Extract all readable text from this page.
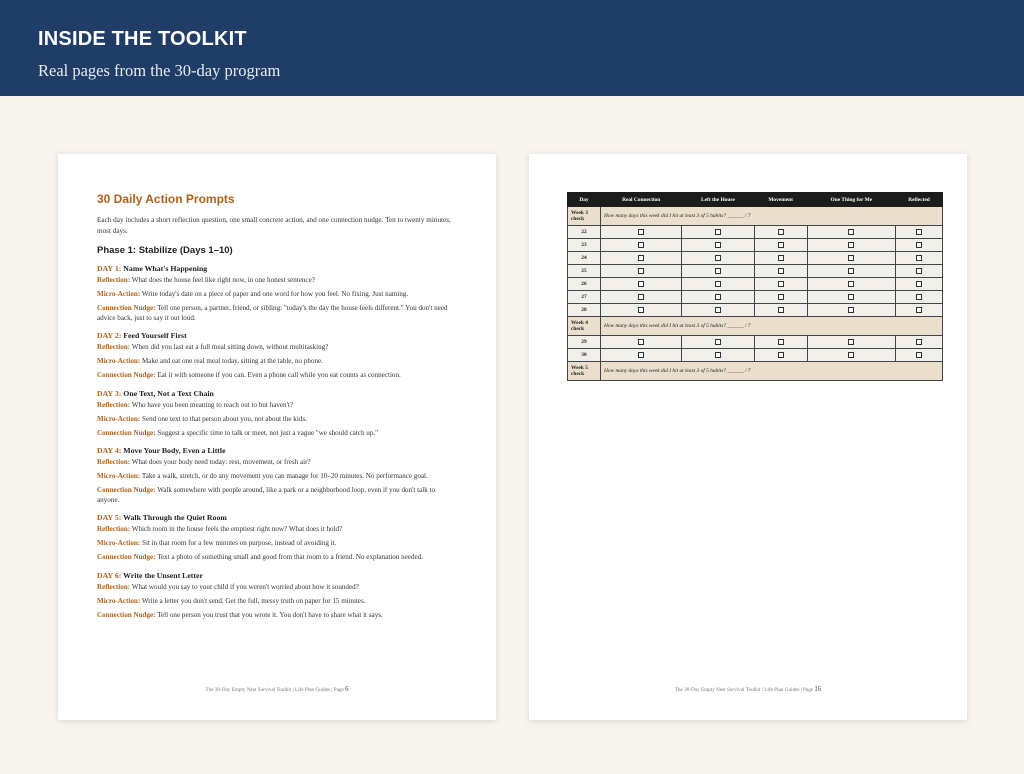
INSIDE THE TOOLKIT
Real pages from the 30-day program
30 Daily Action Prompts
Each day includes a short reflection question, one small concrete action, and one connection nudge. Ten to twenty minutes, most days.
Phase 1: Stabilize (Days 1–10)
DAY 1: Name What's Happening
Reflection: What does the house feel like right now, in one honest sentence?
Micro-Action: Write today's date on a piece of paper and one word for how you feel. No fixing. Just naming.
Connection Nudge: Tell one person, a partner, friend, or sibling: "today's the day the house feels different." You don't need advice back, just to say it out loud.
DAY 2: Feed Yourself First
Reflection: When did you last eat a full meal sitting down, without multitasking?
Micro-Action: Make and eat one real meal today, sitting at the table, no phone.
Connection Nudge: Eat it with someone if you can. Even a phone call while you eat counts as connection.
DAY 3: One Text, Not a Text Chain
Reflection: Who have you been meaning to reach out to but haven't?
Micro-Action: Send one text to that person about you, not about the kids.
Connection Nudge: Suggest a specific time to talk or meet, not just a vague "we should catch up."
DAY 4: Move Your Body, Even a Little
Reflection: What does your body need today: rest, movement, or fresh air?
Micro-Action: Take a walk, stretch, or do any movement you can manage for 10–20 minutes. No performance goal.
Connection Nudge: Walk somewhere with people around, like a park or a neighborhood loop, even if you don't talk to anyone.
DAY 5: Walk Through the Quiet Room
Reflection: Which room in the house feels the emptiest right now? What does it hold?
Micro-Action: Sit in that room for a few minutes on purpose, instead of avoiding it.
Connection Nudge: Text a photo of something small and good from that room to a friend. No explanation needed.
DAY 6: Write the Unsent Letter
Reflection: What would you say to your child if you weren't worried about how it sounded?
Micro-Action: Write a letter you don't send. Get the full, messy truth on paper for 15 minutes.
Connection Nudge: Tell one person you trust that you wrote it. You don't have to share what it says.
The 30-Day Empty Nest Survival Toolkit | Life Plan Guides | Page 6
Day	Real Connection	Left the House	Movement	One Thing for Me	Reflected
Week 3
check	How many days this week did I hit at least 3 of 5 habits? ______ / 7				
22					
23					
24					
25					
26					
27					
28					
Week 4
check	How many days this week did I hit at least 3 of 5 habits? ______ / 7				
29					
30					
Week 5
check	How many days this week did I hit at least 3 of 5 habits? ______ / 7				
The 30-Day Empty Nest Survival Toolkit | Life Plan Guides | Page 16
